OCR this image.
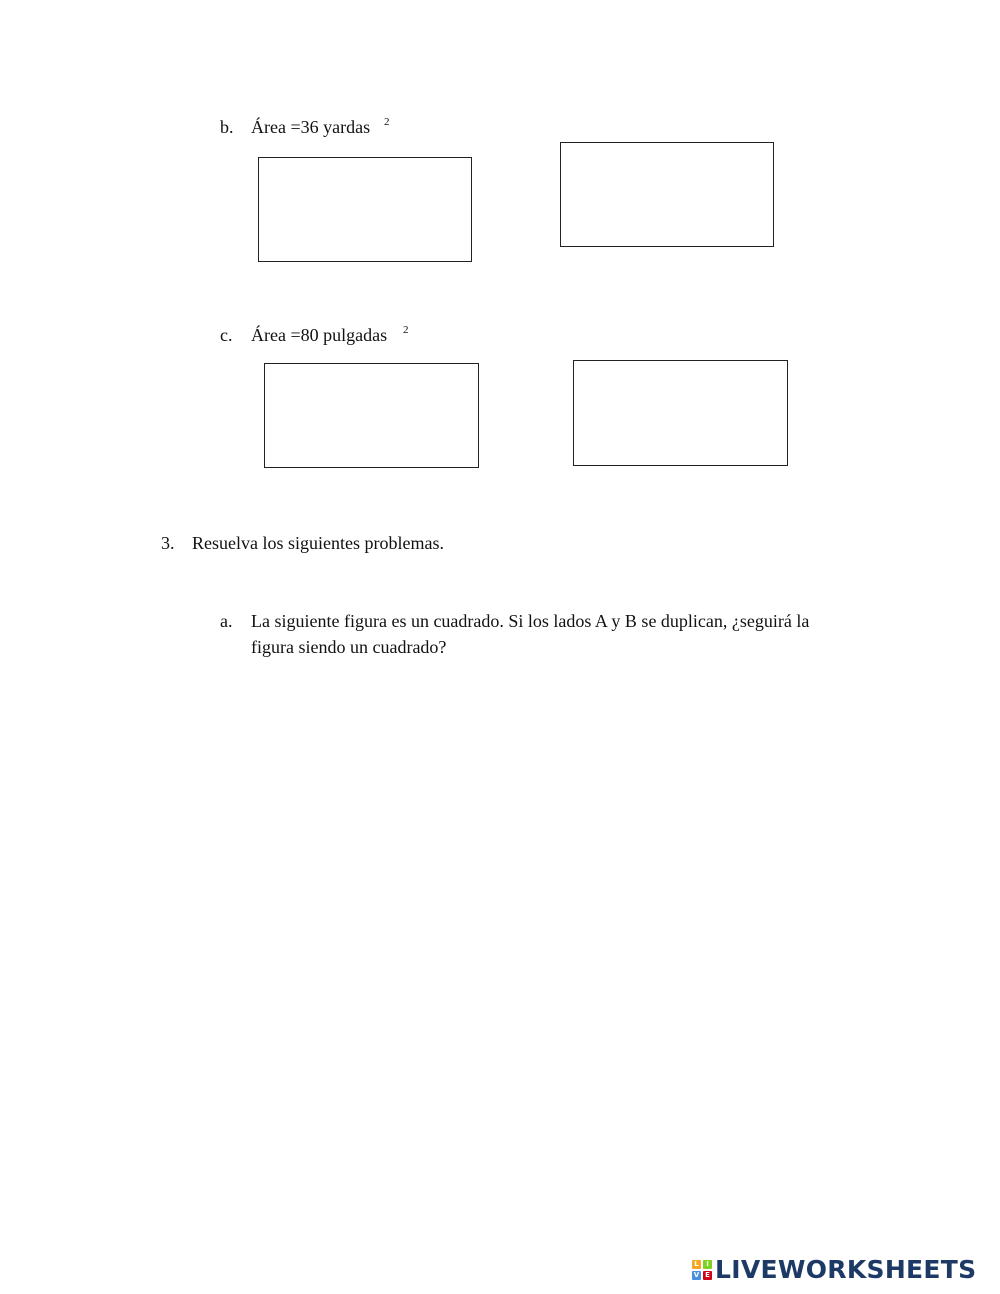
b. Área =36 yardas $^2$
c. Área =80 pulgadas $^2$
3. Resuelva los siguientes problemas.
a. La siguiente figura es un cuadrado. Si los lados A y B se duplican, ¿seguirá la
figura siendo un cuadrado?
L	I
V E LIVEWORKSHEETS
